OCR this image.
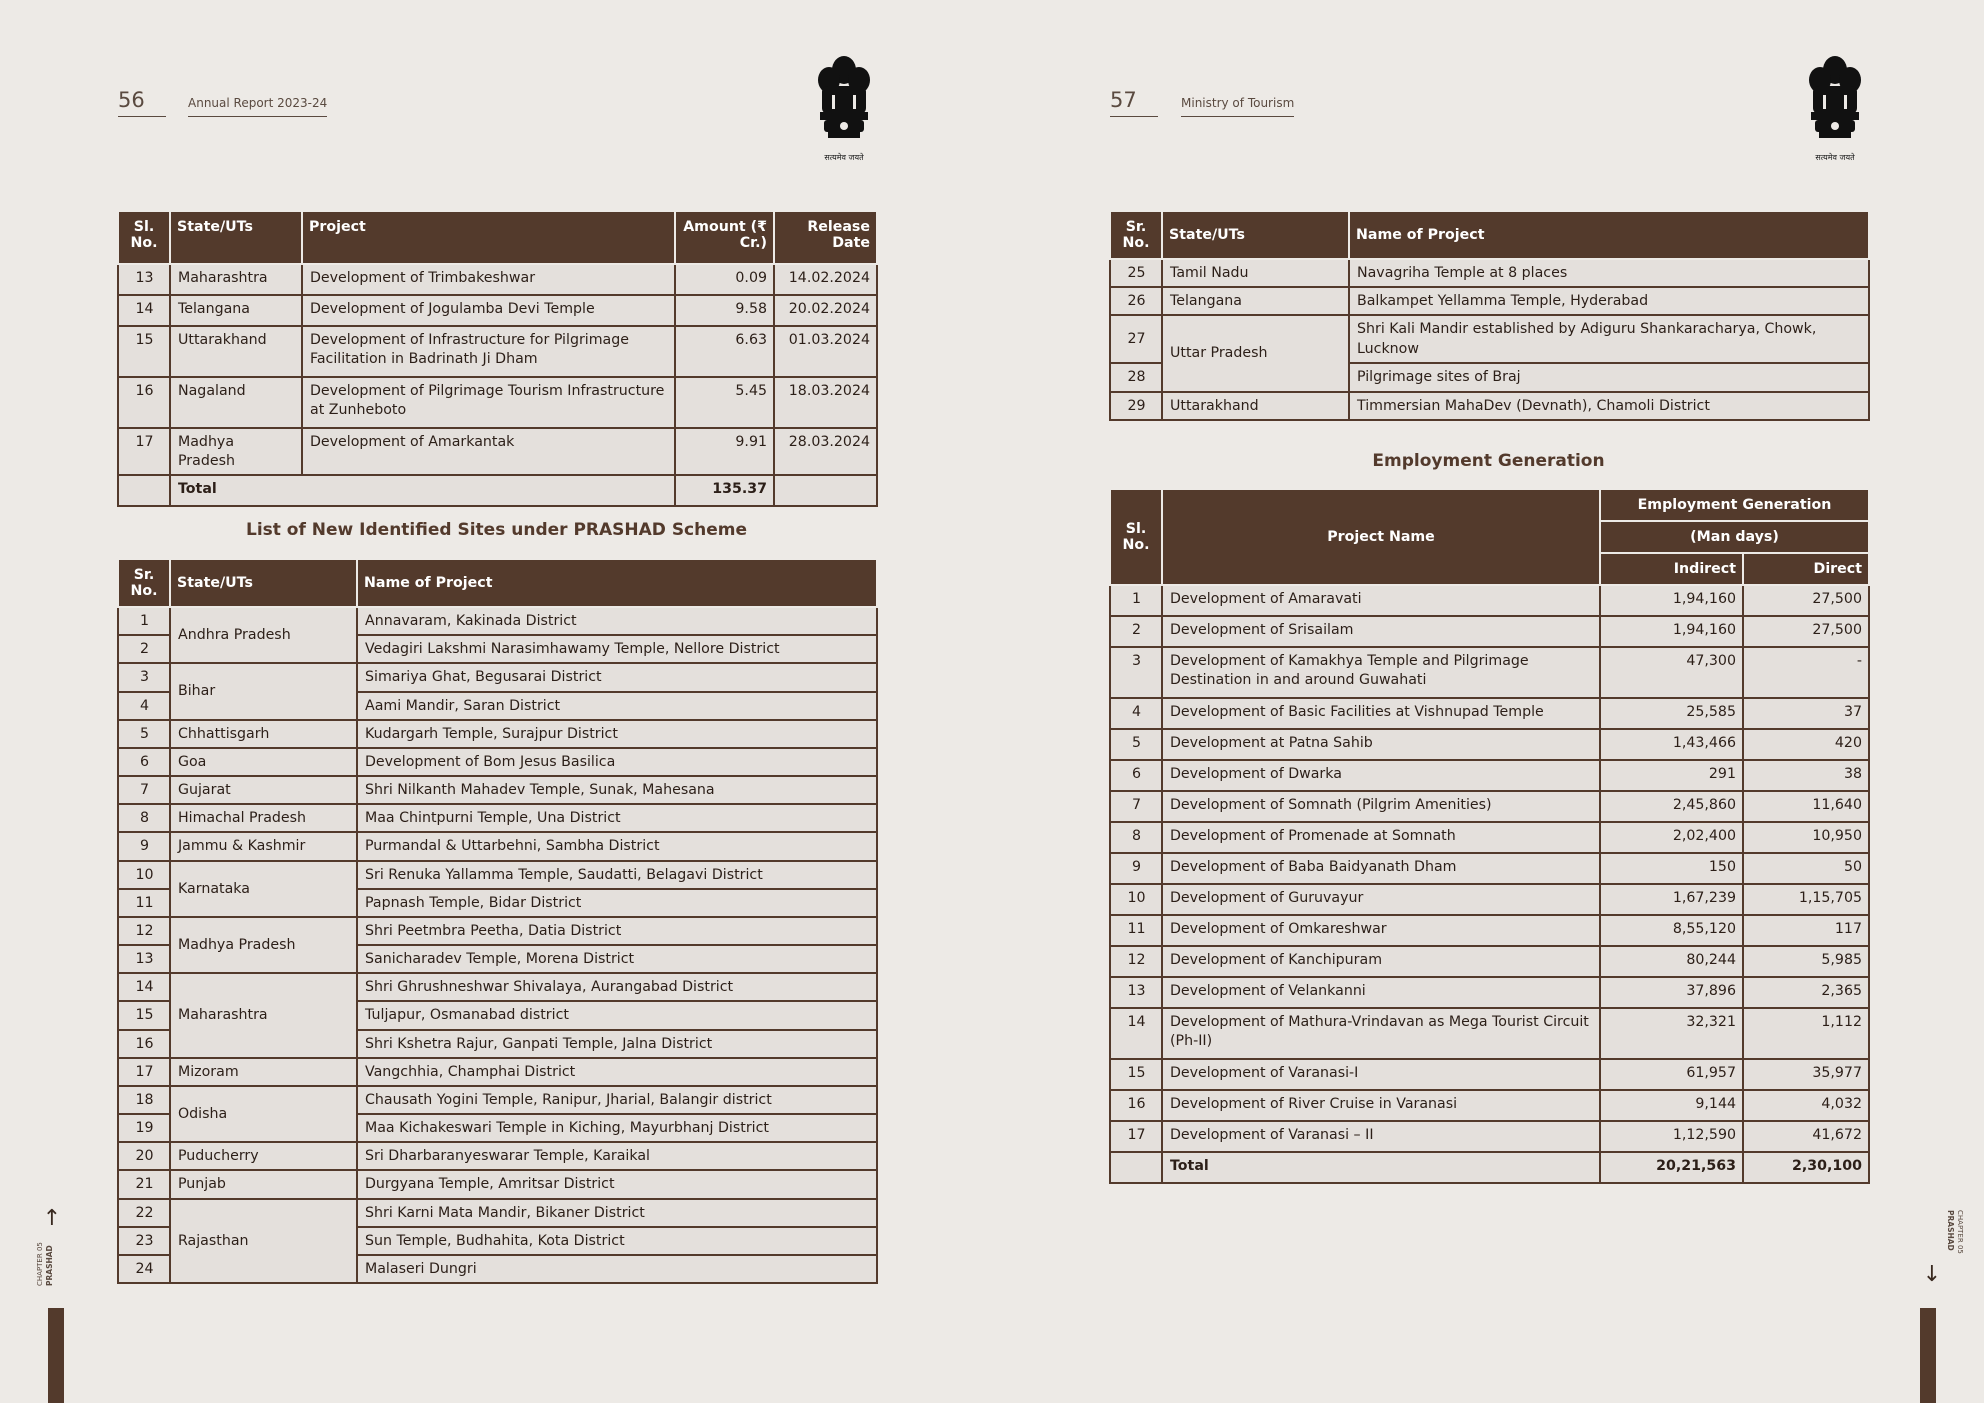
56	Annual Report 2023-24
सत्यमेव जयते
Sl. No.	State/UTs	Project	Amount (₹ Cr.)	Release Date
13	Maharashtra	Development of Trimbakeshwar	0.09	14.02.2024
14	Telangana	Development of Jogulamba Devi Temple	9.58	20.02.2024
15	Uttarakhand	Development of Infrastructure for Pilgrimage Facilitation in Badrinath Ji Dham	6.63	01.03.2024
16	Nagaland	Development of Pilgrimage Tourism Infrastructure at Zunheboto	5.45	18.03.2024
17	Madhya Pradesh	Development of Amarkantak	9.91	28.03.2024
	Total		135.37	
List of New Identified Sites under PRASHAD Scheme
Sr. No.	State/UTs	Name of Project
1	Andhra Pradesh	Annavaram, Kakinada District
2		Vedagiri Lakshmi Narasimhawamy Temple, Nellore District
3	Bihar	Simariya Ghat, Begusarai District
4		Aami Mandir, Saran District
5	Chhattisgarh	Kudargarh Temple, Surajpur District
6	Goa	Development of Bom Jesus Basilica
7	Gujarat	Shri Nilkanth Mahadev Temple, Sunak, Mahesana
8	Himachal Pradesh	Maa Chintpurni Temple, Una District
9	Jammu & Kashmir	Purmandal & Uttarbehni, Sambha District
10	Karnataka	Sri Renuka Yallamma Temple, Saudatti, Belagavi District
11		Papnash Temple, Bidar District
12	Madhya Pradesh	Shri Peetmbra Peetha, Datia District
13		Sanicharadev Temple, Morena District
14	Maharashtra	Shri Ghrushneshwar Shivalaya, Aurangabad District
15		Tuljapur, Osmanabad district
16		Shri Kshetra Rajur, Ganpati Temple, Jalna District
17	Mizoram	Vangchhia, Champhai District
18	Odisha	Chausath Yogini Temple, Ranipur, Jharial, Balangir district
19		Maa Kichakeswari Temple in Kiching, Mayurbhanj District
20	Puducherry	Sri Dharbaranyeswarar Temple, Karaikal
21	Punjab	Durgyana Temple, Amritsar District
22	Rajasthan	Shri Karni Mata Mandir, Bikaner District
23		Sun Temple, Budhahita, Kota District
24		Malaseri Dungri
↑
CHAPTER 05 PRASHAD
57	Ministry of Tourism
सत्यमेव जयते
Sr. No.	State/UTs	Name of Project
25	Tamil Nadu	Navagriha Temple at 8 places
26	Telangana	Balkampet Yellamma Temple, Hyderabad
27	Uttar Pradesh	Shri Kali Mandir established by Adiguru Shankaracharya, Chowk, Lucknow
28		Pilgrimage sites of Braj
29	Uttarakhand	Timmersian MahaDev (Devnath), Chamoli District
Employment Generation
Sl. No.	Project Name	Employment Generation	
		(Man days)	
		Indirect	Direct
1	Development of Amaravati	1,94,160	27,500
2	Development of Srisailam	1,94,160	27,500
3	Development of Kamakhya Temple and Pilgrimage Destination in and around Guwahati	47,300	-
4	Development of Basic Facilities at Vishnupad Temple	25,585	37
5	Development at Patna Sahib	1,43,466	420
6	Development of Dwarka	291	38
7	Development of Somnath (Pilgrim Amenities)	2,45,860	11,640
8	Development of Promenade at Somnath	2,02,400	10,950
9	Development of Baba Baidyanath Dham	150	50
10	Development of Guruvayur	1,67,239	1,15,705
11	Development of Omkareshwar	8,55,120	117
12	Development of Kanchipuram	80,244	5,985
13	Development of Velankanni	37,896	2,365
14	Development of Mathura-Vrindavan as Mega Tourist Circuit (Ph-II)	32,321	1,112
15	Development of Varanasi-I	61,957	35,977
16	Development of River Cruise in Varanasi	9,144	4,032
17	Development of Varanasi – II	1,12,590	41,672
	Total	20,21,563	2,30,100
CHAPTER 05
PRASHAD
↓
